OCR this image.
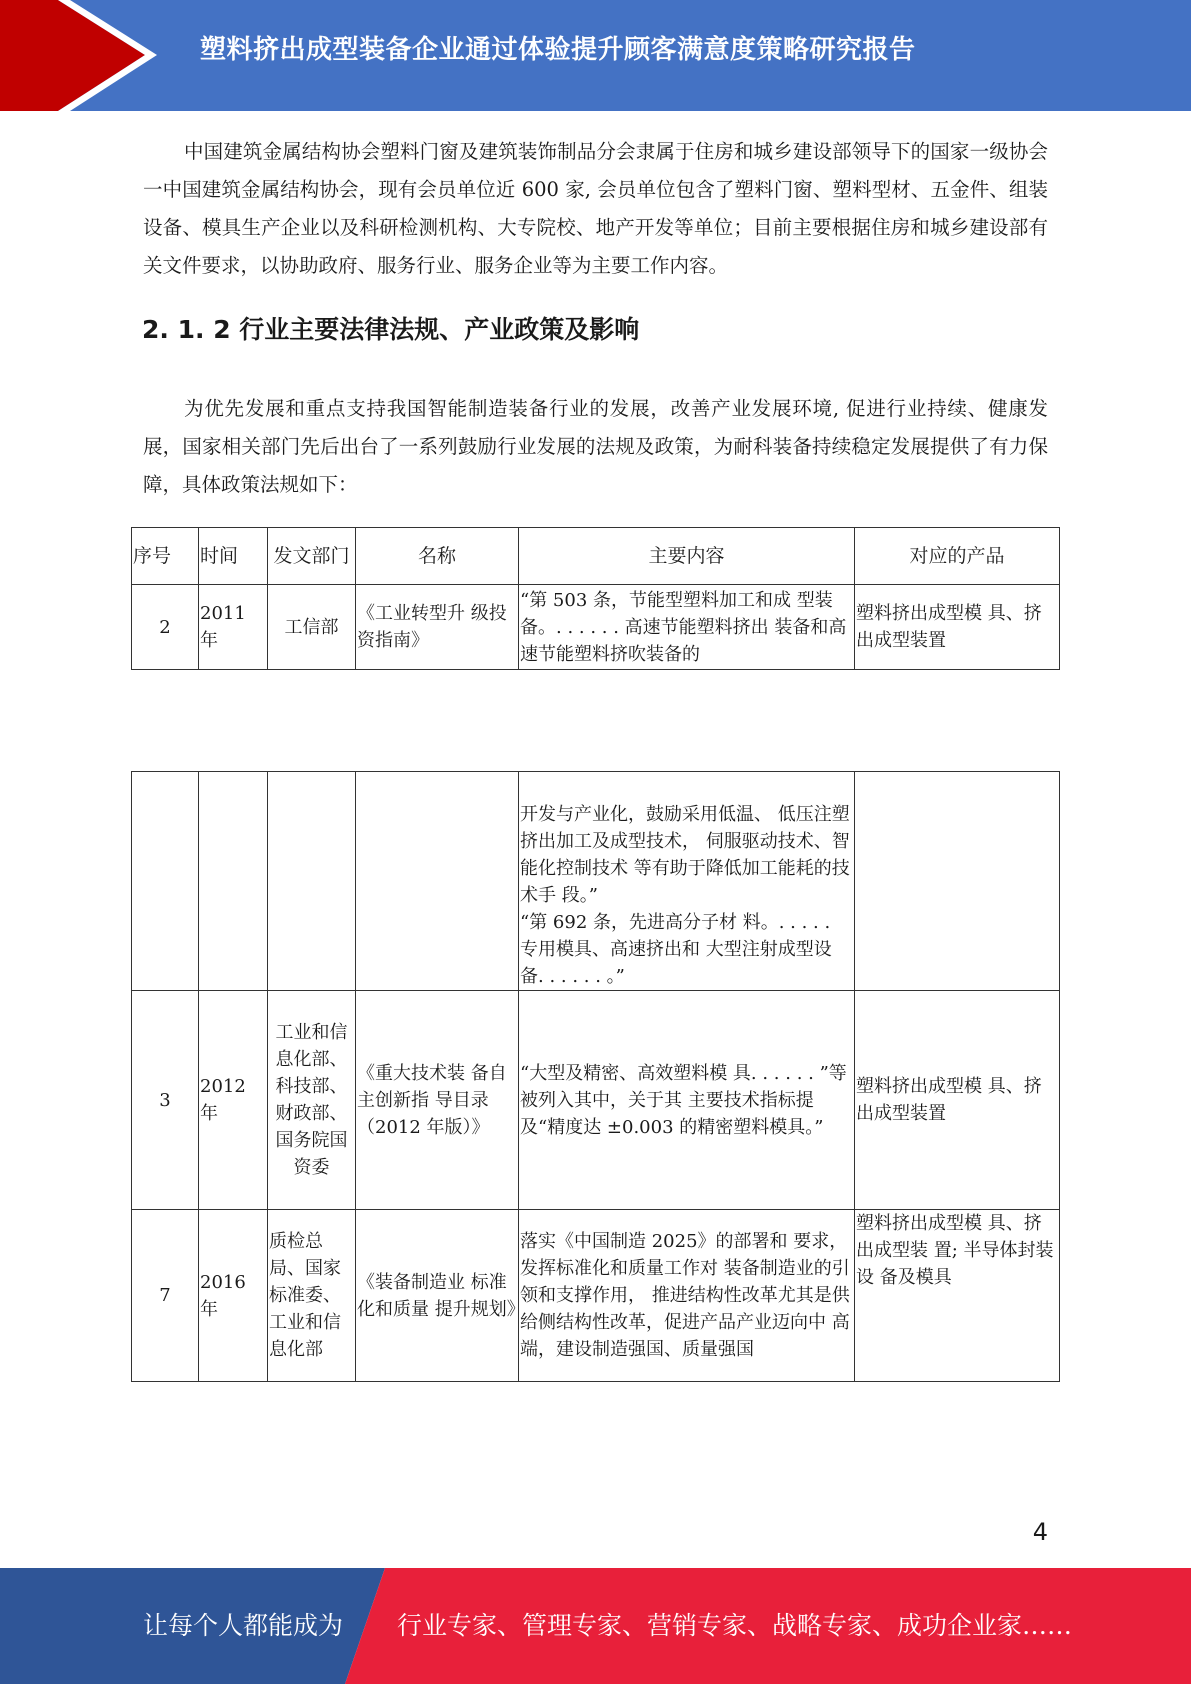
塑料挤出成型装备企业通过体验提升顾客满意度策略研究报告

中国建筑金属结构协会塑料门窗及建筑装饰制品分会隶属于住房和城乡建设部领导下的国家一级协会一中国建筑金属结构协会，现有会员单位近 600 家, 会员单位包含了塑料门窗、塑料型材、五金件、组装设备、模具生产企业以及科研检测机构、大专院校、地产开发等单位；目前主要根据住房和城乡建设部有关文件要求，以协助政府、服务行业、服务企业等为主要工作内容。

2. 1. 2 行业主要法律法规、产业政策及影响

为优先发展和重点支持我国智能制造装备行业的发展，改善产业发展环境, 促进行业持续、健康发展，国家相关部门先后出台了一系列鼓励行业发展的法规及政策，为耐科装备持续稳定发展提供了有力保障，具体政策法规如下：

序号	时间	发文部门	名称	主要内容	对应的产品
2	2011 年	工信部	《工业转型升 级投资指南》	“第 503 条，节能型塑料加工和成 型装备。. . . . . . 高速节能塑料挤出 装备和高速节能塑料挤吹装备的	塑料挤出成型模 具、挤出成型装置

				开发与产业化，鼓励采用低温、 低压注塑挤出加工及成型技术， 伺服驱动技术、智能化控制技术 等有助于降低加工能耗的技术手 段。”
“第 692 条，先进高分子材 料。. . . . . 专用模具、高速挤出和 大型注射成型设备. . . . . . 。”	

3	2012 年	工业和信息化部、科技部、财政部、国务院国资委	《重大技术装 备自主创新指 导目录（2012 年版）》	“大型及精密、高效塑料模 具. . . . . . ”等被列入其中，关于其 主要技术指标提及“精度达 ±0.003 的精密塑料模具。”	塑料挤出成型模 具、挤出成型装置
7	2016 年	质检总局、国家标准委、工业和信息化部	《装备制造业 标准化和质量 提升规划》	落实《中国制造 2025》的部署和 要求，发挥标准化和质量工作对 装备制造业的引领和支撑作用， 推进结构性改革尤其是供给侧结构性改革，促进产品产业迈向中 高端，建设制造强国、质量强国	塑料挤出成型模 具、挤出成型装 置; 半导体封装设 备及模具
4
让每个人都能成为 行业专家、管理专家、营销专家、战略专家、成功企业家……
